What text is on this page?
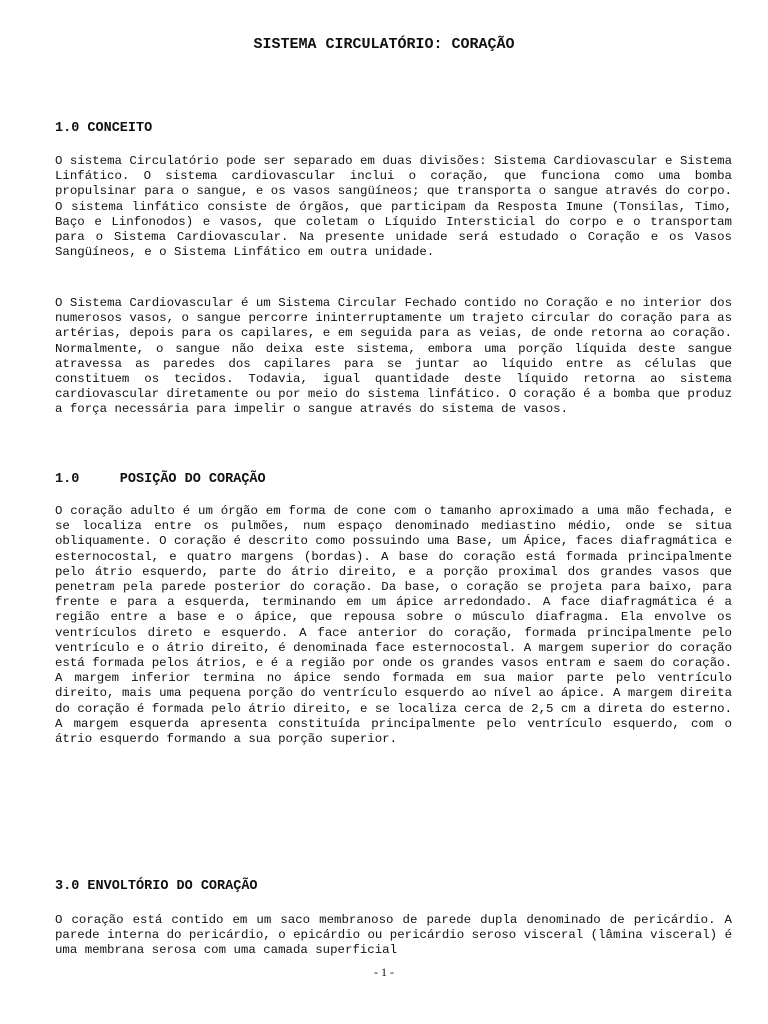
SISTEMA CIRCULATÓRIO: CORAÇÃO
1.0 CONCEITO

O sistema Circulatório pode ser separado em duas divisões: Sistema Cardiovascular e Sistema Linfático. O sistema cardiovascular inclui o coração, que funciona como uma bomba propulsinar para o sangue, e os vasos sangüíneos; que transporta o sangue através do corpo. O sistema linfático consiste de órgãos, que participam da Resposta Imune (Tonsilas, Timo, Baço e Linfonodos) e vasos, que coletam o Líquido Intersticial do corpo e o transportam para o Sistema Cardiovascular. Na presente unidade será estudado o Coração e os Vasos Sangüíneos, e o Sistema Linfático em outra unidade.

O Sistema Cardiovascular é um Sistema Circular Fechado contido no Coração e no interior dos numerosos vasos, o sangue percorre ininterruptamente um trajeto circular do coração para as artérias, depois para os capilares, e em seguida para as veias, de onde retorna ao coração. Normalmente, o sangue não deixa este sistema, embora uma porção líquida deste sangue atravessa as paredes dos capilares para se juntar ao líquido entre as células que constituem os tecidos. Todavia, igual quantidade deste líquido retorna ao sistema cardiovascular diretamente ou por meio do sistema linfático. O coração é a bomba que produz a força necessária para impelir o sangue através do sistema de vasos.

1.0     POSIÇÃO DO CORAÇÃO

O coração adulto é um órgão em forma de cone com o tamanho aproximado a uma mão fechada, e se localiza entre os pulmões, num espaço denominado mediastino médio, onde se situa obliquamente. O coração é descrito como possuindo uma Base, um Ápice, faces diafragmática e esternocostal, e quatro margens (bordas). A base do coração está formada principalmente pelo átrio esquerdo, parte do átrio direito, e a porção proximal dos grandes vasos que penetram pela parede posterior do coração. Da base, o coração se projeta para baixo, para frente e para a esquerda, terminando em um ápice arredondado. A face diafragmática é a região entre a base e o ápice, que repousa sobre o músculo diafragma. Ela envolve os ventrículos direto e esquerdo. A face anterior do coração, formada principalmente pelo ventrículo e o átrio direito, é denominada face esternocostal. A margem superior do coração está formada pelos átrios, e é a região por onde os grandes vasos entram e saem do coração. A margem inferior termina no ápice sendo formada em sua maior parte pelo ventrículo direito, mais uma pequena porção do ventrículo esquerdo ao nível ao ápice. A margem direita do coração é formada pelo átrio direito, e se localiza cerca de 2,5 cm a direta do esterno. A margem esquerda apresenta constituída principalmente pelo ventrículo esquerdo, com o átrio esquerdo formando a sua porção superior.

3.0 ENVOLTÓRIO DO CORAÇÃO

O coração está contido em um saco membranoso de parede dupla denominado de pericárdio. A parede interna do pericárdio, o epicárdio ou pericárdio seroso visceral (lâmina visceral) é uma membrana serosa com uma camada superficial

- 1 -
